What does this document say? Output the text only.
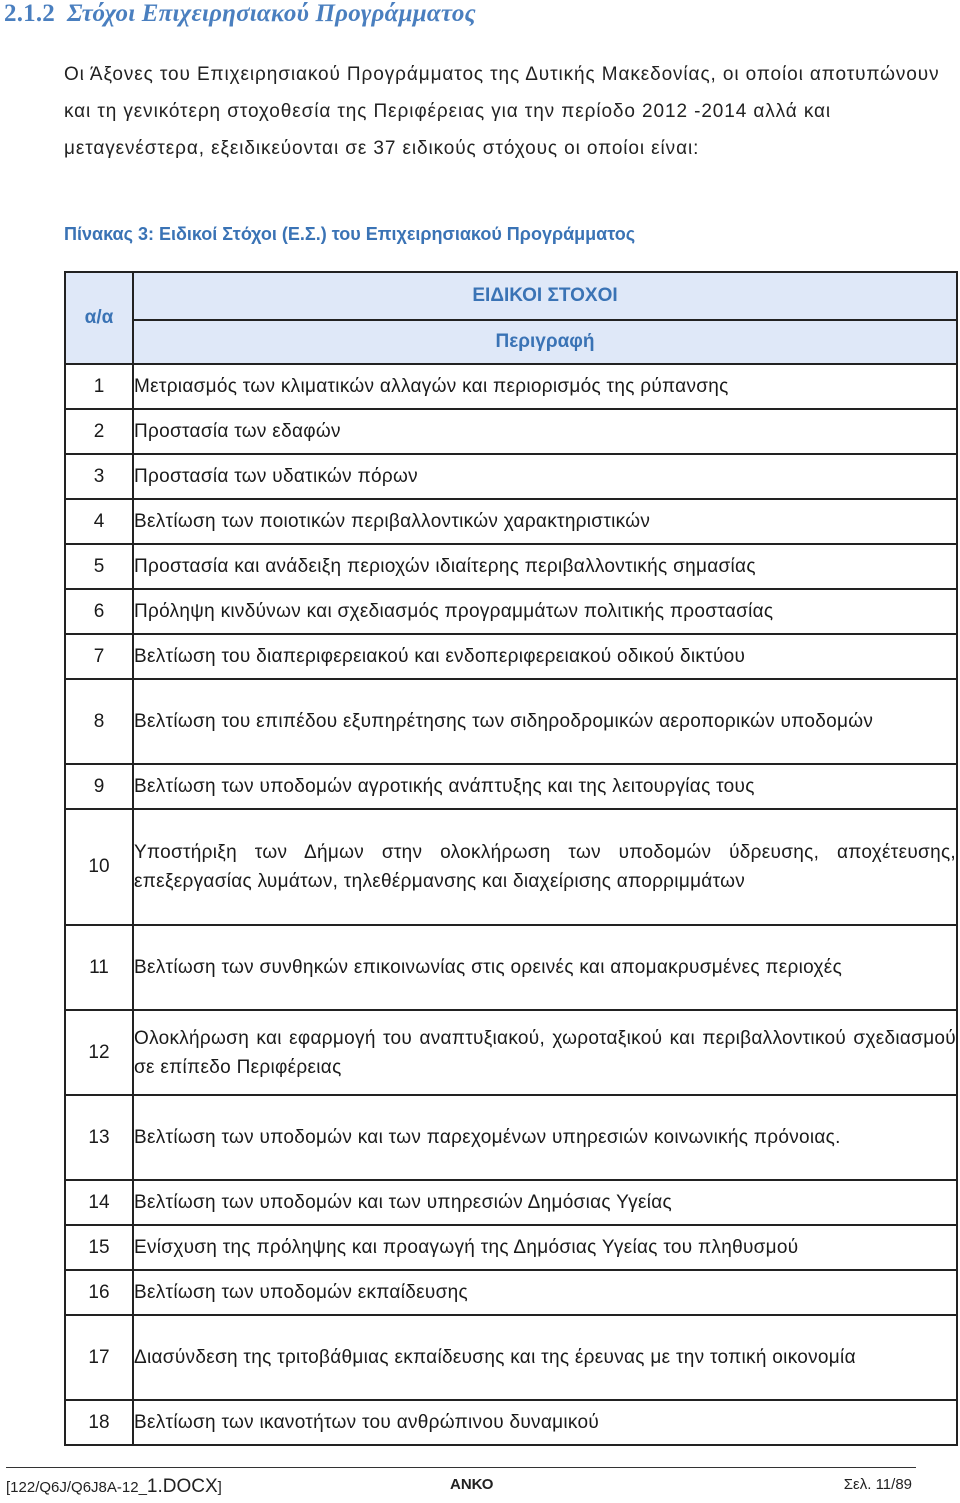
2.1.2 Στόχοι Επιχειρησιακού Προγράμματος
Οι Άξονες του Επιχειρησιακού Προγράμματος της Δυτικής Μακεδονίας, οι οποίοι αποτυπώνουν και τη γενικότερη στοχοθεσία της Περιφέρειας για την περίοδο 2012 -2014 αλλά και μεταγενέστερα, εξειδικεύονται σε 37 ειδικούς στόχους οι οποίοι είναι:
Πίνακας 3: Ειδικοί Στόχοι (Ε.Σ.) του Επιχειρησιακού Προγράμματος
α/α	ΕΙΔΙΚΟΙ ΣΤΟΧΟΙ
	Περιγραφή
1	Μετριασμός των κλιματικών αλλαγών και περιορισμός της ρύπανσης
2	Προστασία των εδαφών
3	Προστασία των υδατικών πόρων
4	Βελτίωση των ποιοτικών περιβαλλοντικών χαρακτηριστικών
5	Προστασία και ανάδειξη περιοχών ιδιαίτερης περιβαλλοντικής σημασίας
6	Πρόληψη κινδύνων και σχεδιασμός προγραμμάτων πολιτικής προστασίας
7	Βελτίωση του διαπεριφερειακού και ενδοπεριφερειακού οδικού δικτύου
8	Βελτίωση του επιπέδου εξυπηρέτησης των σιδηροδρομικών αεροπορικών υποδομών
9	Βελτίωση των υποδομών αγροτικής ανάπτυξης και της λειτουργίας τους
10	Υποστήριξη των Δήμων στην ολοκλήρωση των υποδομών ύδρευσης, αποχέτευσης, επεξεργασίας λυμάτων, τηλεθέρμανσης και διαχείρισης απορριμμάτων
11	Βελτίωση των συνθηκών επικοινωνίας στις ορεινές και απομακρυσμένες περιοχές
12	Ολοκλήρωση και εφαρμογή του αναπτυξιακού, χωροταξικού και περιβαλλοντικού σχεδιασμού σε επίπεδο Περιφέρειας
13	Βελτίωση των υποδομών και των παρεχομένων υπηρεσιών κοινωνικής πρόνοιας.
14	Βελτίωση των υποδομών και των υπηρεσιών Δημόσιας Υγείας
15	Ενίσχυση της πρόληψης και προαγωγή της Δημόσιας Υγείας του πληθυσμού
16	Βελτίωση των υποδομών εκπαίδευσης
17	Διασύνδεση της τριτοβάθμιας εκπαίδευσης και της έρευνας με την τοπική οικονομία
18	Βελτίωση των ικανοτήτων του ανθρώπινου δυναμικού
[122/Q6J/Q6J8A-12_1.DOCX]	ΑΝΚΟ	Σελ. 11/89
